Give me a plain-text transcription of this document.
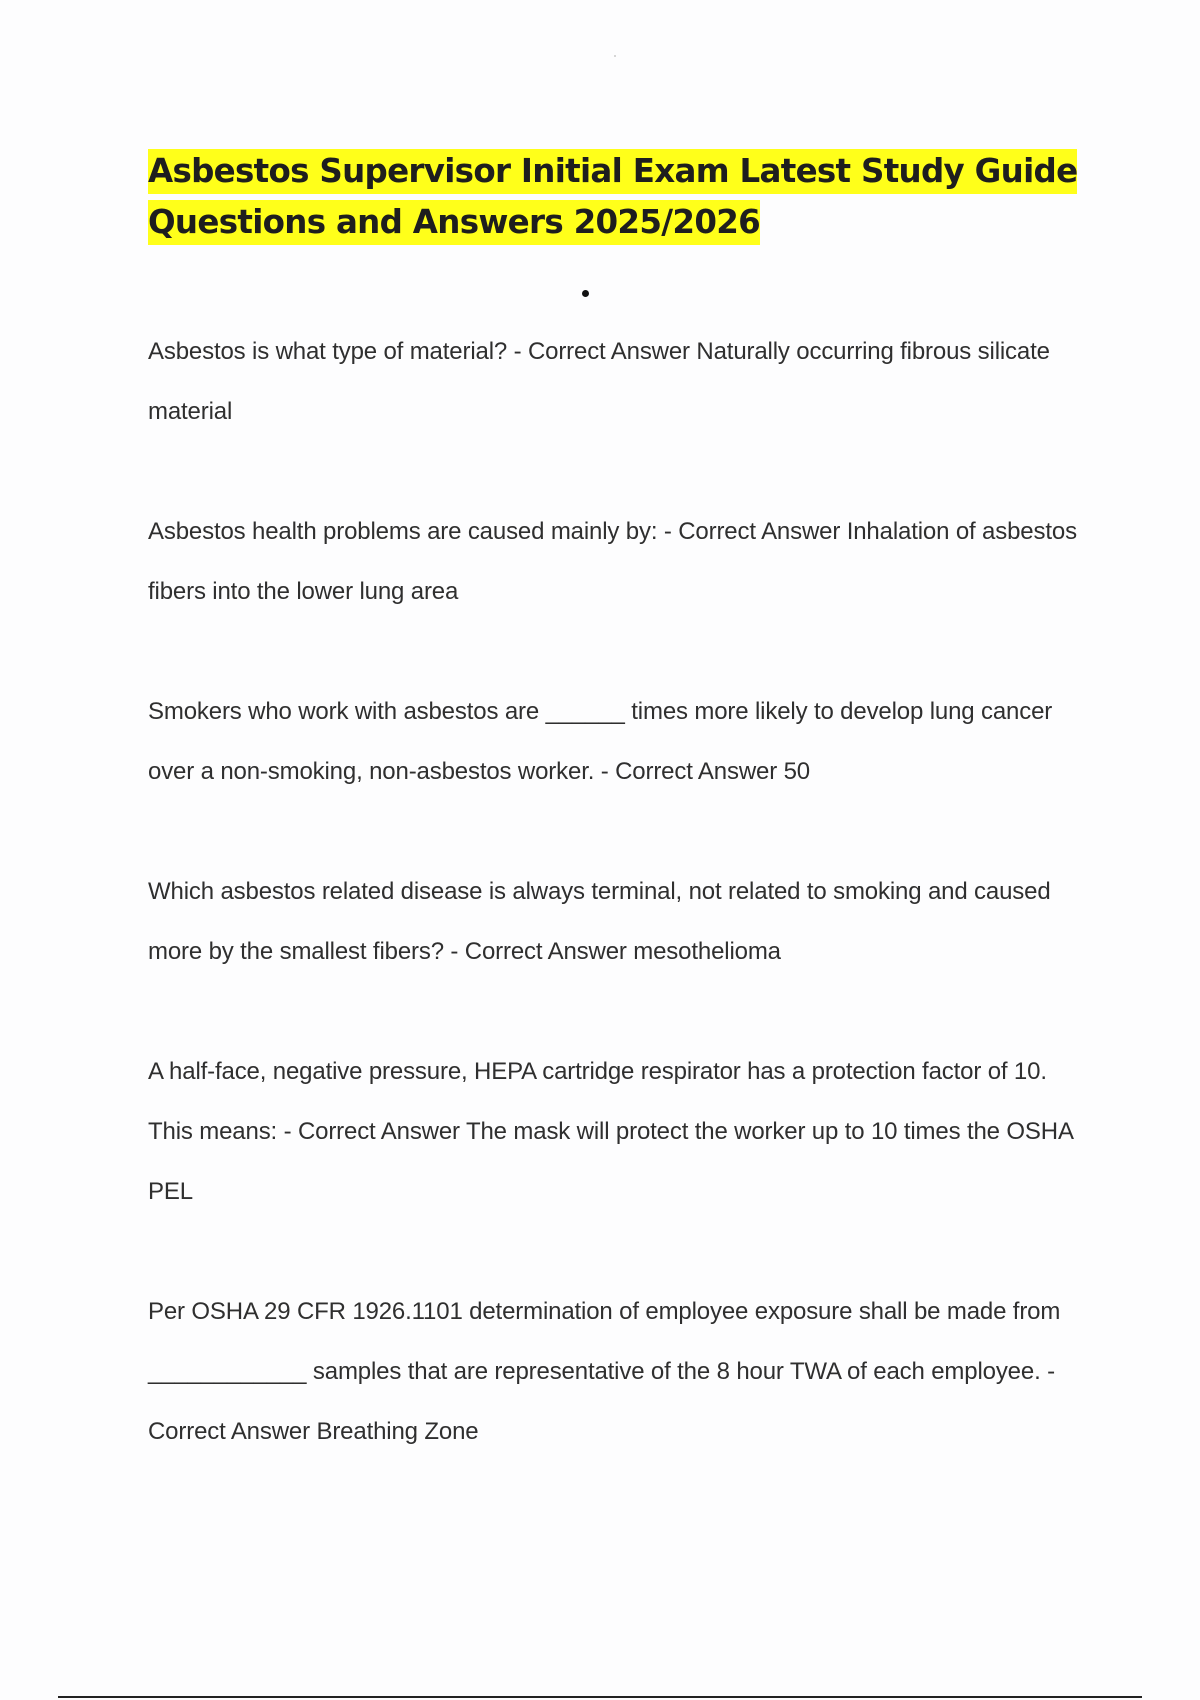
Asbestos Supervisor Initial Exam Latest Study Guide Questions and Answers 2025/2026
Asbestos is what type of material? - Correct Answer Naturally occurring fibrous silicate material
Asbestos health problems are caused mainly by: - Correct Answer Inhalation of asbestos fibers into the lower lung area
Smokers who work with asbestos are ______ times more likely to develop lung cancer over a non-smoking, non-asbestos worker. - Correct Answer 50
Which asbestos related disease is always terminal, not related to smoking and caused more by the smallest fibers? - Correct Answer mesothelioma
A half-face, negative pressure, HEPA cartridge respirator has a protection factor of 10. This means: - Correct Answer The mask will protect the worker up to 10 times the OSHA PEL
Per OSHA 29 CFR 1926.1101 determination of employee exposure shall be made from ____________ samples that are representative of the 8 hour TWA of each employee. - Correct Answer Breathing Zone
